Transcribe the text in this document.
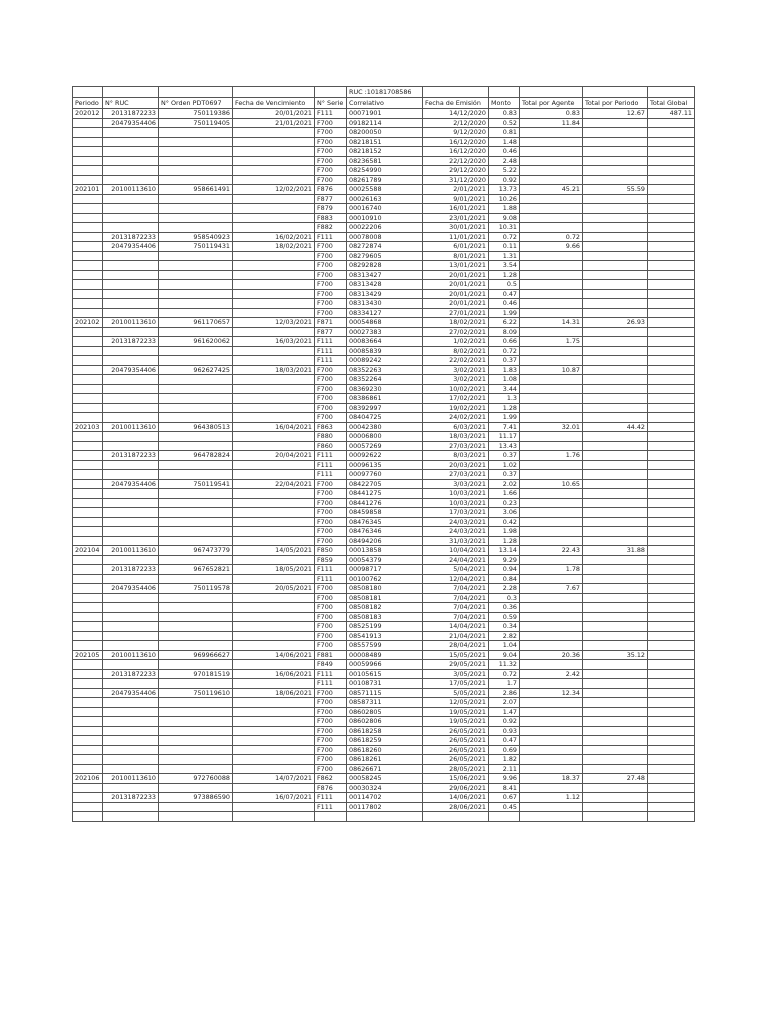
					RUC :10181708586					
Periodo	N° RUC	N° Orden PDT0697	Fecha de Vencimiento	N° Serie	Correlativo	Fecha de Emisión	Monto	Total por Agente	Total por Periodo	Total Global
202012	20131872233	750119386	20/01/2021	F111	00071901	14/12/2020	0.83	0.83	12.67	487.11
	20479354406	750119405	21/01/2021	F700	09182114	2/12/2020	0.52	11.84		
				F700	08200050	9/12/2020	0.81			
				F700	08218151	16/12/2020	1.48			
				F700	08218152	16/12/2020	0.46			
				F700	08236581	22/12/2020	2.48			
				F700	08254990	29/12/2020	5.22			
				F700	08261789	31/12/2020	0.92			
202101	20100113610	958661491	12/02/2021	F876	00025588	2/01/2021	13.73	45.21	55.59	
				F877	00026163	9/01/2021	10.26			
				F879	00016740	16/01/2021	1.88			
				F883	00010910	23/01/2021	9.08			
				F882	00022206	30/01/2021	10.31			
	20131872233	958540923	16/02/2021	F111	00078008	11/01/2021	0.72	0.72		
	20479354406	750119431	18/02/2021	F700	08272874	6/01/2021	0.11	9.66		
				F700	08279605	8/01/2021	1.31			
				F700	08292828	13/01/2021	3.54			
				F700	08313427	20/01/2021	1.28			
				F700	08313428	20/01/2021	0.5			
				F700	08313429	20/01/2021	0.47			
				F700	08313430	20/01/2021	0.46			
				F700	08334127	27/01/2021	1.99			
202102	20100113610	961170657	12/03/2021	F871	00054868	18/02/2021	6.22	14.31	26.93	
				F877	00027383	27/02/2021	8.09			
	20131872233	961620062	16/03/2021	F111	00083664	1/02/2021	0.66	1.75		
				F111	00085839	8/02/2021	0.72			
				F111	00089242	22/02/2021	0.37			
	20479354406	962627425	18/03/2021	F700	08352263	3/02/2021	1.83	10.87		
				F700	08352264	3/02/2021	1.08			
				F700	08369230	10/02/2021	3.44			
				F700	08386861	17/02/2021	1.3			
				F700	08392997	19/02/2021	1.28			
				F700	08404725	24/02/2021	1.99			
202103	20100113610	964380513	16/04/2021	F863	00042380	6/03/2021	7.41	32.01	44.42	
				F880	00006800	18/03/2021	11.17			
				F860	00057269	27/03/2021	13.43			
	20131872233	964782824	20/04/2021	F111	00092622	8/03/2021	0.37	1.76		
				F111	00096135	20/03/2021	1.02			
				F111	00097760	27/03/2021	0.37			
	20479354406	750119541	22/04/2021	F700	08422705	3/03/2021	2.02	10.65		
				F700	08441275	10/03/2021	1.66			
				F700	08441276	10/03/2021	0.23			
				F700	08459858	17/03/2021	3.06			
				F700	08476345	24/03/2021	0.42			
				F700	08476346	24/03/2021	1.98			
				F700	08494206	31/03/2021	1.28			
202104	20100113610	967473779	14/05/2021	F850	00013858	10/04/2021	13.14	22.43	31.88	
				F859	00054379	24/04/2021	9.29			
	20131872233	967652821	18/05/2021	F111	00098717	5/04/2021	0.94	1.78		
				F111	00100762	12/04/2021	0.84			
	20479354406	750119578	20/05/2021	F700	08508180	7/04/2021	2.28	7.67		
				F700	08508181	7/04/2021	0.3			
				F700	08508182	7/04/2021	0.36			
				F700	08508183	7/04/2021	0.59			
				F700	08525199	14/04/2021	0.34			
				F700	08541913	21/04/2021	2.82			
				F700	08557599	28/04/2021	1.04			
202105	20100113610	969966627	14/06/2021	F881	00008489	15/05/2021	9.04	20.36	35.12	
				F849	00059966	29/05/2021	11.32			
	20131872233	970181519	16/06/2021	F111	00105615	3/05/2021	0.72	2.42		
				F111	00108731	17/05/2021	1.7			
	20479354406	750119610	18/06/2021	F700	08571115	5/05/2021	2.86	12.34		
				F700	08587311	12/05/2021	2.07			
				F700	08602805	19/05/2021	1.47			
				F700	08602806	19/05/2021	0.92			
				F700	08618258	26/05/2021	0.93			
				F700	08618259	26/05/2021	0.47			
				F700	08618260	26/05/2021	0.69			
				F700	08618261	26/05/2021	1.82			
				F700	08626671	28/05/2021	2.11			
202106	20100113610	972760088	14/07/2021	F862	00058245	15/06/2021	9.96	18.37	27.48	
				F876	00030324	29/06/2021	8.41			
	20131872233	973886590	16/07/2021	F111	00114702	14/06/2021	0.67	1.12		
				F111	00117802	28/06/2021	0.45			
